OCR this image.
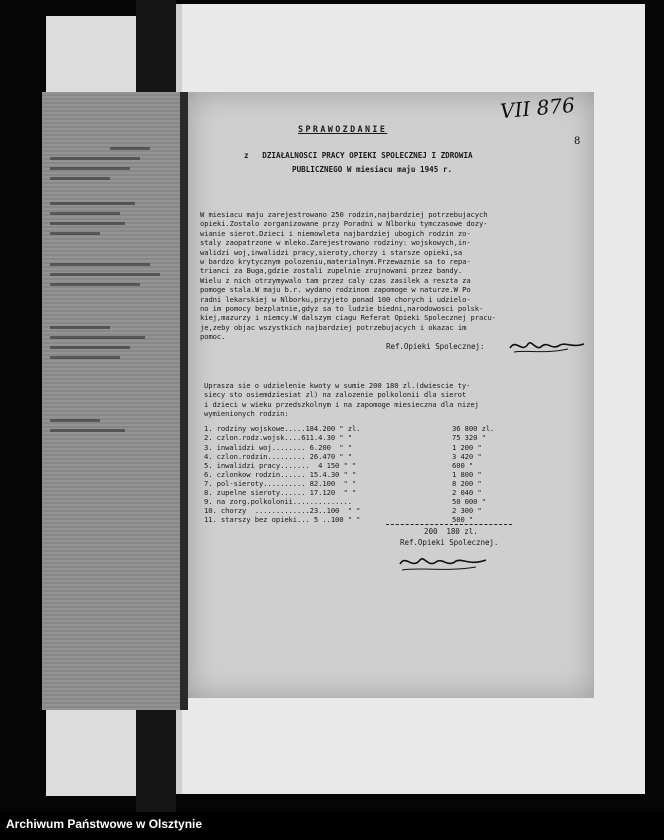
VII 876
8
SPRAWOZDANIE
z   DZIAŁALNOSCI PRACY OPIEKI SPOLECZNEJ I ZDROWIA
PUBLICZNEGO W miesiacu maju 1945 r.
W miesiacu maju zarejestrowano 250 rodzin,najbardziej potrzebujacych
opieki.Zostalo zorganizowane przy Poradni w Nlborku tymczasowe dozy-
wianie sierot.Dzieci i niemowleta najbardziej ubogich rodzin zo-
staly zaopatrzone w mleko.Zarejestrowano rodziny: wojskowych,in-
walidzi woj,inwalidzi pracy,sieroty,chorzy i starsze opieki,sa
w bardzo krytycznym polozeniu,materialnym.Przewaznie sa to repa-
trianci za Buga,gdzie zostali zupelnie zrujnowani przez bandy.
Wielu z nich otrzymywalo tam przez caly czas zasilek a reszta za
pomoge stala.W maju b.r. wydano rodzinom zapomoge w naturze.W Po
radni lekarskiej w Nlborku,przyjeto ponad 100 chorych i udzielo-
no im pomocy bezplatnie,gdyz sa to ludzie biedni,narodowosci polsk-
kiej,mazurzy i niemcy.W dalszym ciagu Referat Opieki Spolecznej pracu-
je,zeby objac wszystkich najbardziej potrzebujacych i okazac im
pomoc.
Ref.Opieki Spolecznej:
Uprasza sie o udzielenie kwoty w sumie 200 180 zl.(dwiescie ty-
siecy sto osiemdziesiat zl) na zalozenie polkolonii dla sierot
i dzieci w wieku przedszkolnym i na zapomoge miesieczna dla nizej
wymienionych rodzin:
1. rodziny wojskowe.....184.200 " zl.	36 800 zl.
2. czlon.rodz.wojsk....611.4.30 " "	75 320 "
3. inwalidzi woj........ 6.200  " "	1 200 "
4. czlon.rodzin......... 26.470 " "	3 420 "
5. inwalidzi pracy.......  4 150 " "	600 "
6. czlonkow rodzin...... 15.4.30 " "	1 800 "
7. pol-sieroty.......... 82.100  " "	8 200 "
8. zupelne sieroty...... 17.120  " "	2 040 "
9. na zorg.polkolonii..............	50 000 "
10. chorzy  .............23..100  " "	2 300 "
11. starszy bez opieki... 5 ..100 " "	500 "
200  180 zl.
Ref.Opieki Spolecznej.
Archiwum Państwowe w Olsztynie
